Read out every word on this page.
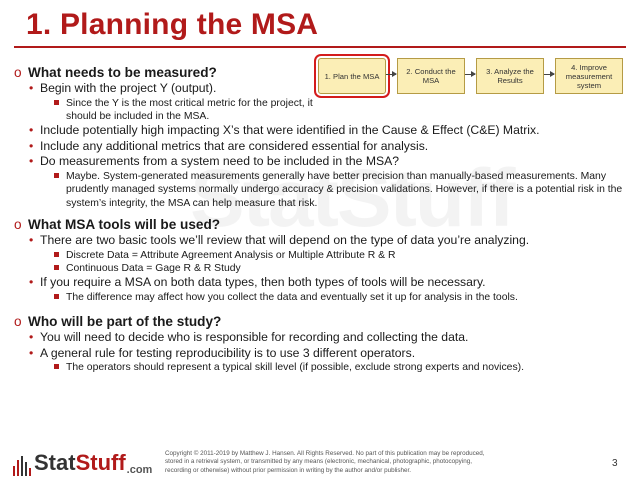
1. Planning the MSA
o What needs to be measured?
• Begin with the project Y (output).
Since the Y is the most critical metric for the project, it should be included in the MSA.
• Include potentially high impacting X’s that were identified in the Cause & Effect (C&E) Matrix.
• Include any additional metrics that are considered essential for analysis.
• Do measurements from a system need to be included in the MSA?
Maybe. System-generated measurements generally have better precision than manually-based measurements. Many prudently managed systems normally undergo accuracy & precision validations. However, if there is a potential risk in the system’s integrity, the MSA can help measure that risk.
o What MSA tools will be used?
• There are two basic tools we’ll review that will depend on the type of data you’re analyzing.
Discrete Data = Attribute Agreement Analysis or Multiple Attribute R & R
Continuous Data = Gage R & R Study
• If you require a MSA on both data types, then both types of tools will be necessary.
The difference may affect how you collect the data and eventually set it up for analysis in the tools.
o Who will be part of the study?
• You will need to decide who is responsible for recording and collecting the data.
• A general rule for testing reproducibility is to use 3 different operators.
The operators should represent a typical skill level (if possible, exclude strong experts and novices).
1. Plan the MSA	2. Conduct the MSA
3. Analyze the Results
4. Improve measurement system
StatStuff.com
Copyright © 2011-2019 by Matthew J. Hansen. All Rights Reserved. No part of this publication may be reproduced, stored in a retrieval system, or transmitted by any means (electronic, mechanical, photographic, photocopying, recording or otherwise) without prior permission in writing by the author and/or publisher.
3
